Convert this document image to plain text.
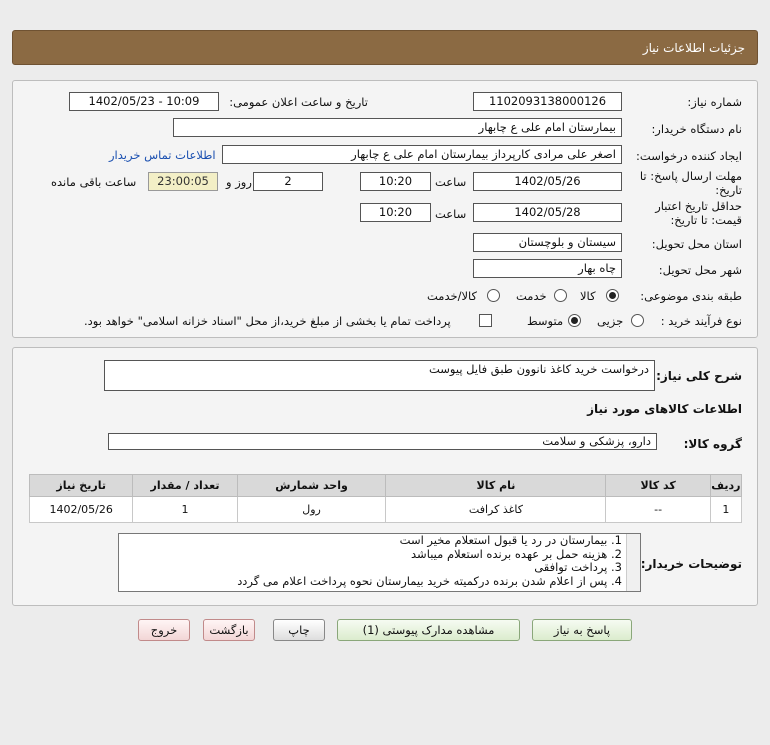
جزئیات اطلاعات نیاز
شماره نیاز:
1102093138000126
تاریخ و ساعت اعلان عمومی:
1402/05/23 - 10:09
نام دستگاه خریدار:
بیمارستان امام علی ع چابهار
ایجاد کننده درخواست:
اصغر علی مرادی کارپرداز بیمارستان امام علی ع چابهار
اطلاعات تماس خریدار
مهلت ارسال پاسخ: تا
تاریخ:
1402/05/26
ساعت
10:20
2
روز و
23:00:05
ساعت باقی مانده
حداقل تاریخ اعتبار
قیمت: تا تاریخ:
1402/05/28
ساعت
10:20
استان محل تحویل:
سیستان و بلوچستان
شهر محل تحویل:
چاه بهار
طبقه بندی موضوعی:
کالا
خدمت
کالا/خدمت
نوع فرآیند خرید :
جزیی
متوسط
پرداخت تمام یا بخشی از مبلغ خرید،از محل "اسناد خزانه اسلامی" خواهد بود.
شرح کلی نیاز:
درخواست خرید کاغذ نانوون طبق فایل پیوست
اطلاعات کالاهای مورد نیاز
گروه کالا:
دارو، پزشکی و سلامت
ردیف	کد کالا	نام کالا	واحد شمارش	تعداد / مقدار	تاریخ نیاز
1	--	کاغذ کرافت	رول	1	1402/05/26
توضیحات خریدار:
1. بیمارستان در رد یا قبول استعلام مخیر است
2. هزینه حمل بر عهده برنده استعلام میباشد
3. پرداخت توافقی
4. پس از اعلام شدن برنده درکمیته خرید بیمارستان نحوه پرداخت اعلام می گردد
پاسخ به نیاز
مشاهده مدارک پیوستی (1)
چاپ
بازگشت
خروج
